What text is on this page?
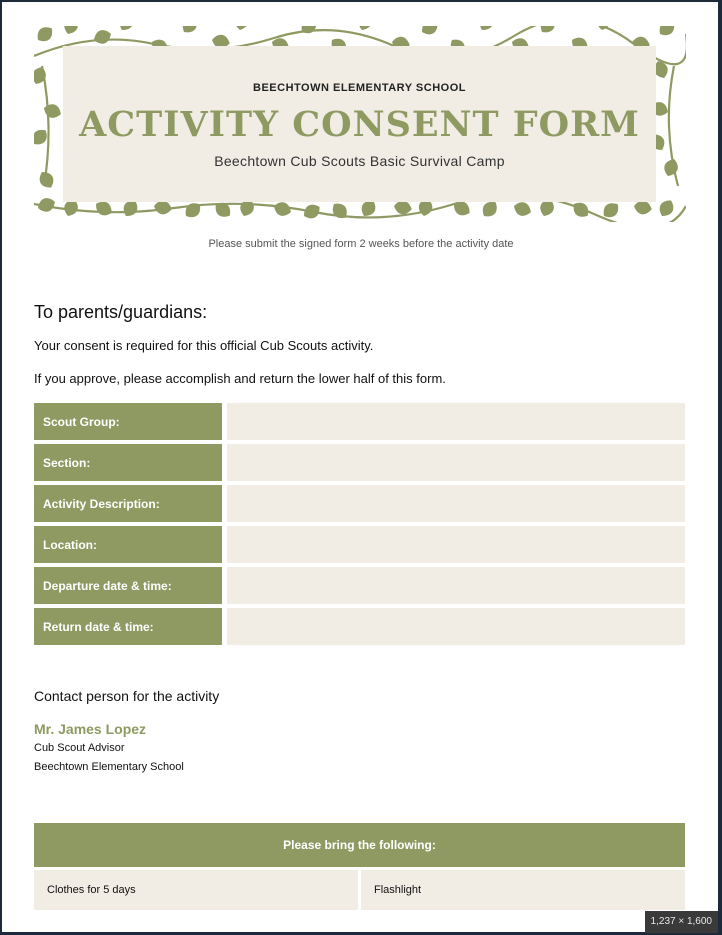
BEECHTOWN ELEMENTARY SCHOOL
ACTIVITY CONSENT FORM
Beechtown Cub Scouts Basic Survival Camp
Please submit the signed form 2 weeks before the activity date
To parents/guardians:
Your consent is required for this official Cub Scouts activity.
If you approve, please accomplish and return the lower half of this form.
Scout Group:
Section:
Activity Description:
Location:
Departure date & time:
Return date & time:
Contact person for the activity
Mr. James Lopez
Cub Scout Advisor
Beechtown Elementary School
Please bring the following:
Clothes for 5 days	Flashlight
1,237 × 1,600
